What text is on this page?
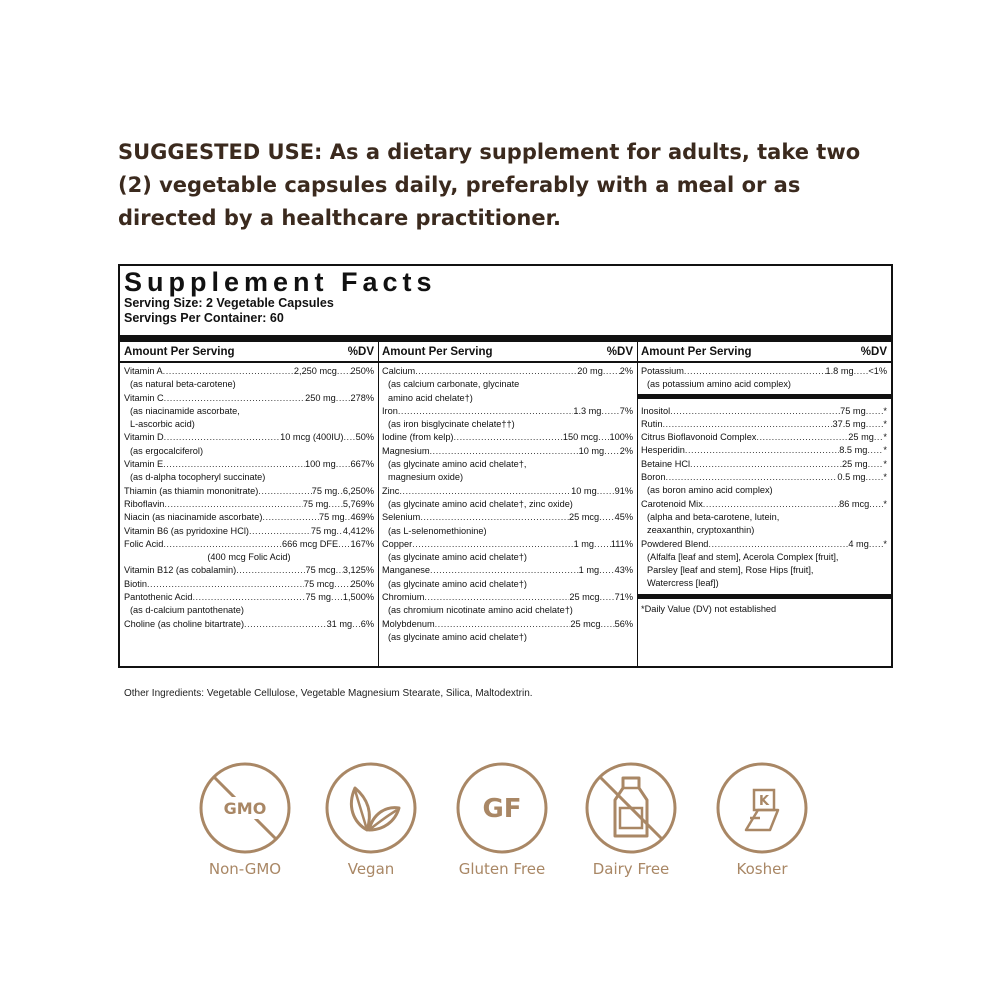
SUGGESTED USE: As a dietary supplement for adults, take two (2) vegetable capsules daily, preferably with a meal or as directed by a healthcare practitioner.
Supplement Facts
Serving Size: 2 Vegetable Capsules
Servings Per Container: 60
Amount Per Serving	%DV
Vitamin A .....	2,250 mcg ..... 250%
(as natural beta-carotene)
Vitamin C .....	250 mg ..... 278%
(as niacinamide ascorbate,
L-ascorbic acid)
Vitamin D .....	10 mcg (400IU) ..... 50%
(as ergocalciferol)
Vitamin E .....	100 mg ..... 667%
(as d-alpha tocopheryl succinate)
Thiamin (as thiamin mononitrate) .....	75 mg ..... 6,250%
Riboflavin .....	75 mg ..... 5,769%
Niacin (as niacinamide ascorbate) .....	75 mg ..... 469%
Vitamin B6 (as pyridoxine HCl) .....	75 mg ..... 4,412%
Folic Acid .....	666 mcg DFE ..... 167%
(400 mcg Folic Acid)
Vitamin B12 (as cobalamin) .....	75 mcg ..... 3,125%
Biotin .....	75 mcg ..... 250%
Pantothenic Acid .....	75 mg ..... 1,500%
(as d-calcium pantothenate)
Choline (as choline bitartrate) .....	31 mg ..... 6%
Amount Per Serving	%DV
Calcium .....	20 mg ..... 2%
(as calcium carbonate, glycinate
amino acid chelate†)
Iron .....	1.3 mg ..... 7%
(as iron bisglycinate chelate††)
Iodine (from kelp) .....	150 mcg ..... 100%
Magnesium .....	10 mg ..... 2%
(as glycinate amino acid chelate†,
magnesium oxide)
Zinc .....	10 mg ..... 91%
(as glycinate amino acid chelate†, zinc oxide)
Selenium .....	25 mcg ..... 45%
(as L-selenomethionine)
Copper .....	1 mg ..... 111%
(as glycinate amino acid chelate†)
Manganese .....	1 mg ..... 43%
(as glycinate amino acid chelate†)
Chromium .....	25 mcg ..... 71%
(as chromium nicotinate amino acid chelate†)
Molybdenum .....	25 mcg ..... 56%
(as glycinate amino acid chelate†)
Amount Per Serving	%DV
Potassium .....	1.8 mg ..... <1%
(as potassium amino acid complex)
Inositol .....	75 mg ..... *
Rutin .....	37.5 mg ..... *
Citrus Bioflavonoid Complex .....	25 mg ..... *
Hesperidin .....	8.5 mg ..... *
Betaine HCl .....	25 mg ..... *
Boron .....	0.5 mg ..... *
(as boron amino acid complex)
Carotenoid Mix .....	86 mcg ..... *
(alpha and beta-carotene, lutein,
zeaxanthin, cryptoxanthin)
Powdered Blend .....	4 mg ..... *
(Alfalfa [leaf and stem], Acerola Complex [fruit],
Parsley [leaf and stem], Rose Hips [fruit],
Watercress [leaf])
*Daily Value (DV) not established
Other Ingredients: Vegetable Cellulose, Vegetable Magnesium Stearate, Silica, Maltodextrin.
GMO
Non-GMO	Vegan
GF
Gluten Free	Dairy Free
K
Kosher
